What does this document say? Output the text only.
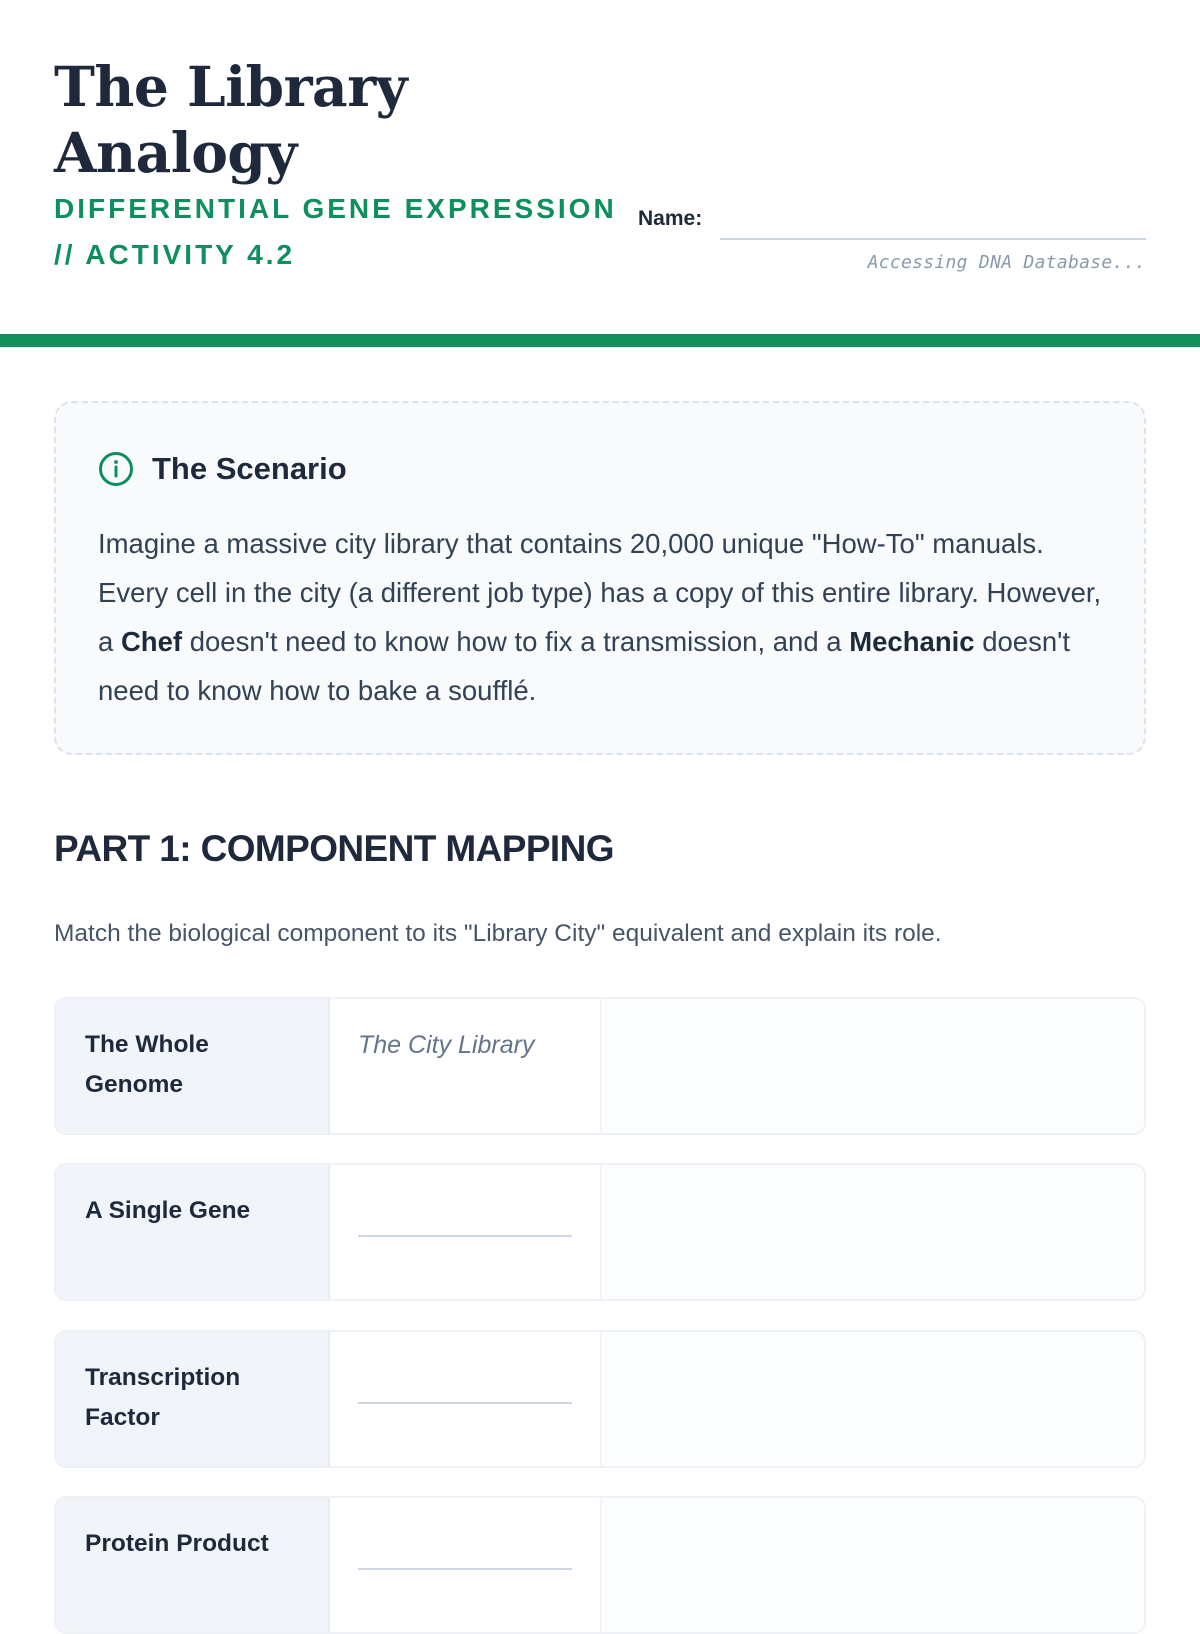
The Library
Analogy

DIFFERENTIAL GENE EXPRESSION
// ACTIVITY 4.2

Name:
Accessing DNA Database...
The Scenario

Imagine a massive city library that contains 20,000 unique "How-To" manuals. Every cell in the city (a different job type) has a copy of this entire library. However, a Chef doesn't need to know how to fix a transmission, and a Mechanic doesn't need to know how to bake a soufflé.

PART 1: COMPONENT MAPPING

Match the biological component to its "Library City" equivalent and explain its role.

The Whole Genome

The City Library

A Single Gene

Transcription Factor

Protein Product
